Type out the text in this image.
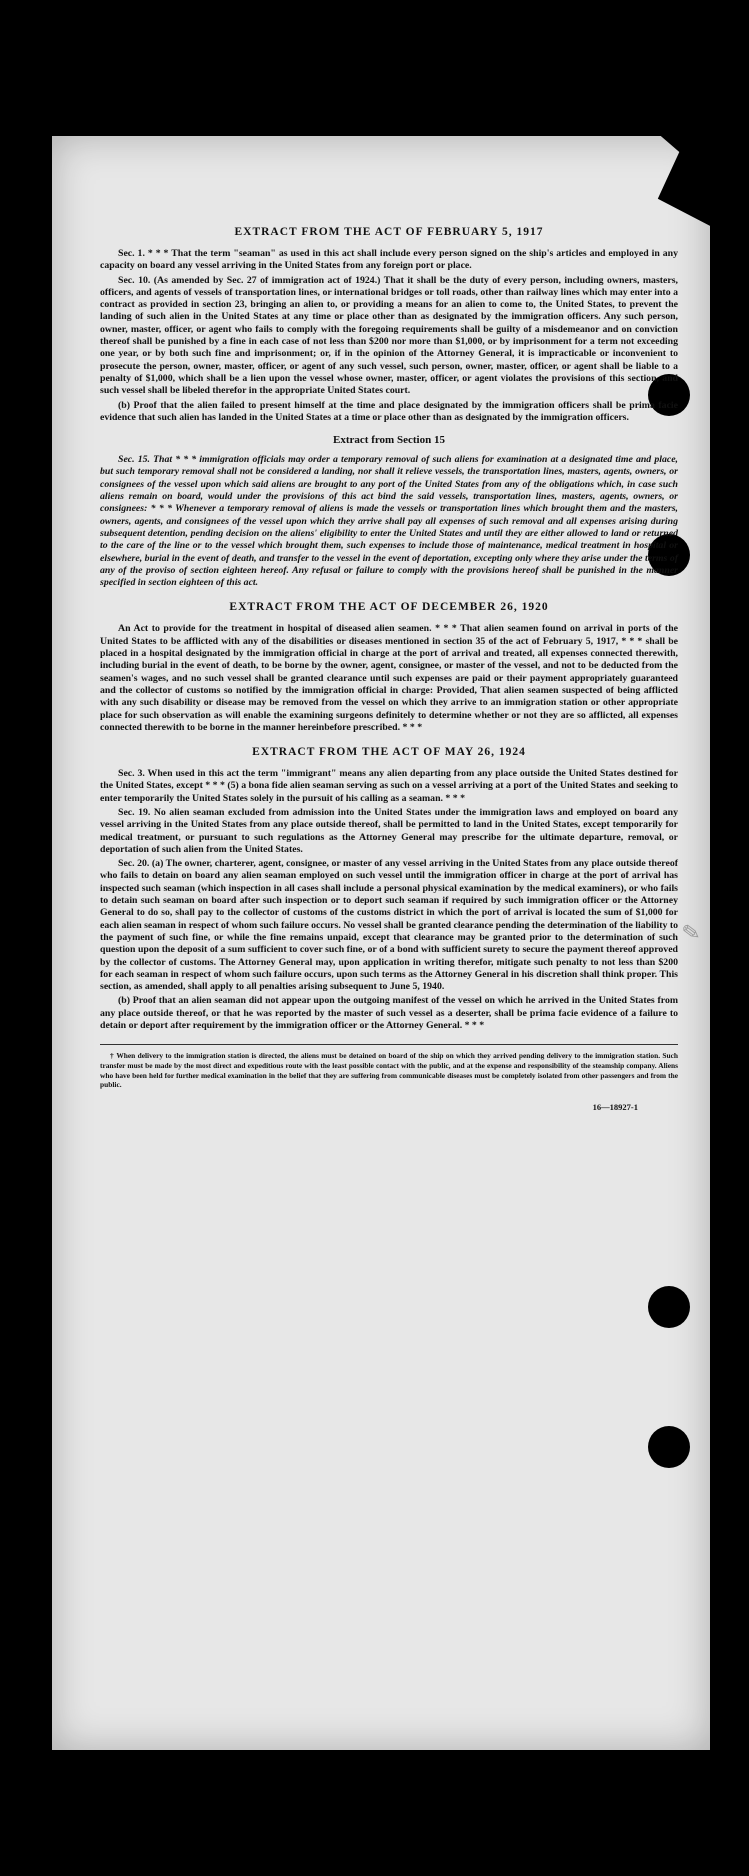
✎
EXTRACT FROM THE ACT OF FEBRUARY 5, 1917

Sec. 1. * * * That the term "seaman" as used in this act shall include every person signed on the ship's articles and employed in any capacity on board any vessel arriving in the United States from any foreign port or place.

Sec. 10. (As amended by Sec. 27 of immigration act of 1924.) That it shall be the duty of every person, including owners, masters, officers, and agents of vessels of transportation lines, or international bridges or toll roads, other than railway lines which may enter into a contract as provided in section 23, bringing an alien to, or providing a means for an alien to come to, the United States, to prevent the landing of such alien in the United States at any time or place other than as designated by the immigration officers. Any such person, owner, master, officer, or agent who fails to comply with the foregoing requirements shall be guilty of a misdemeanor and on conviction thereof shall be punished by a fine in each case of not less than $200 nor more than $1,000, or by imprisonment for a term not exceeding one year, or by both such fine and imprisonment; or, if in the opinion of the Attorney General, it is impracticable or inconvenient to prosecute the person, owner, master, officer, or agent of any such vessel, such person, owner, master, officer, or agent shall be liable to a penalty of $1,000, which shall be a lien upon the vessel whose owner, master, officer, or agent violates the provisions of this section, and such vessel shall be libeled therefor in the appropriate United States court.

(b) Proof that the alien failed to present himself at the time and place designated by the immigration officers shall be prima facie evidence that such alien has landed in the United States at a time or place other than as designated by the immigration officers.

Extract from Section 15

Sec. 15. That * * * immigration officials may order a temporary removal of such aliens for examination at a designated time and place, but such temporary removal shall not be considered a landing, nor shall it relieve vessels, the transportation lines, masters, agents, owners, or consignees of the vessel upon which said aliens are brought to any port of the United States from any of the obligations which, in case such aliens remain on board, would under the provisions of this act bind the said vessels, transportation lines, masters, agents, owners, or consignees: * * * Whenever a temporary removal of aliens is made the vessels or transportation lines which brought them and the masters, owners, agents, and consignees of the vessel upon which they arrive shall pay all expenses of such removal and all expenses arising during subsequent detention, pending decision on the aliens' eligibility to enter the United States and until they are either allowed to land or returned to the care of the line or to the vessel which brought them, such expenses to include those of maintenance, medical treatment in hospital or elsewhere, burial in the event of death, and transfer to the vessel in the event of deportation, excepting only where they arise under the terms of any of the proviso of section eighteen hereof. Any refusal or failure to comply with the provisions hereof shall be punished in the manner specified in section eighteen of this act.

EXTRACT FROM THE ACT OF DECEMBER 26, 1920

An Act to provide for the treatment in hospital of diseased alien seamen. * * * That alien seamen found on arrival in ports of the United States to be afflicted with any of the disabilities or diseases mentioned in section 35 of the act of February 5, 1917, * * * shall be placed in a hospital designated by the immigration official in charge at the port of arrival and treated, all expenses connected therewith, including burial in the event of death, to be borne by the owner, agent, consignee, or master of the vessel, and not to be deducted from the seamen's wages, and no such vessel shall be granted clearance until such expenses are paid or their payment appropriately guaranteed and the collector of customs so notified by the immigration official in charge: Provided, That alien seamen suspected of being afflicted with any such disability or disease may be removed from the vessel on which they arrive to an immigration station or other appropriate place for such observation as will enable the examining surgeons definitely to determine whether or not they are so afflicted, all expenses connected therewith to be borne in the manner hereinbefore prescribed. * * *

EXTRACT FROM THE ACT OF MAY 26, 1924

Sec. 3. When used in this act the term "immigrant" means any alien departing from any place outside the United States destined for the United States, except * * * (5) a bona fide alien seaman serving as such on a vessel arriving at a port of the United States and seeking to enter temporarily the United States solely in the pursuit of his calling as a seaman. * * *

Sec. 19. No alien seaman excluded from admission into the United States under the immigration laws and employed on board any vessel arriving in the United States from any place outside thereof, shall be permitted to land in the United States, except temporarily for medical treatment, or pursuant to such regulations as the Attorney General may prescribe for the ultimate departure, removal, or deportation of such alien from the United States.

Sec. 20. (a) The owner, charterer, agent, consignee, or master of any vessel arriving in the United States from any place outside thereof who fails to detain on board any alien seaman employed on such vessel until the immigration officer in charge at the port of arrival has inspected such seaman (which inspection in all cases shall include a personal physical examination by the medical examiners), or who fails to detain such seaman on board after such inspection or to deport such seaman if required by such immigration officer or the Attorney General to do so, shall pay to the collector of customs of the customs district in which the port of arrival is located the sum of $1,000 for each alien seaman in respect of whom such failure occurs. No vessel shall be granted clearance pending the determination of the liability to the payment of such fine, or while the fine remains unpaid, except that clearance may be granted prior to the determination of such question upon the deposit of a sum sufficient to cover such fine, or of a bond with sufficient surety to secure the payment thereof approved by the collector of customs. The Attorney General may, upon application in writing therefor, mitigate such penalty to not less than $200 for each seaman in respect of whom such failure occurs, upon such terms as the Attorney General in his discretion shall think proper. This section, as amended, shall apply to all penalties arising subsequent to June 5, 1940.

(b) Proof that an alien seaman did not appear upon the outgoing manifest of the vessel on which he arrived in the United States from any place outside thereof, or that he was reported by the master of such vessel as a deserter, shall be prima facie evidence of a failure to detain or deport after requirement by the immigration officer or the Attorney General. * * *

† When delivery to the immigration station is directed, the aliens must be detained on board of the ship on which they arrived pending delivery to the immigration station. Such transfer must be made by the most direct and expeditious route with the least possible contact with the public, and at the expense and responsibility of the steamship company. Aliens who have been held for further medical examination in the belief that they are suffering from communicable diseases must be completely isolated from other passengers and from the public.

16—18927-1
